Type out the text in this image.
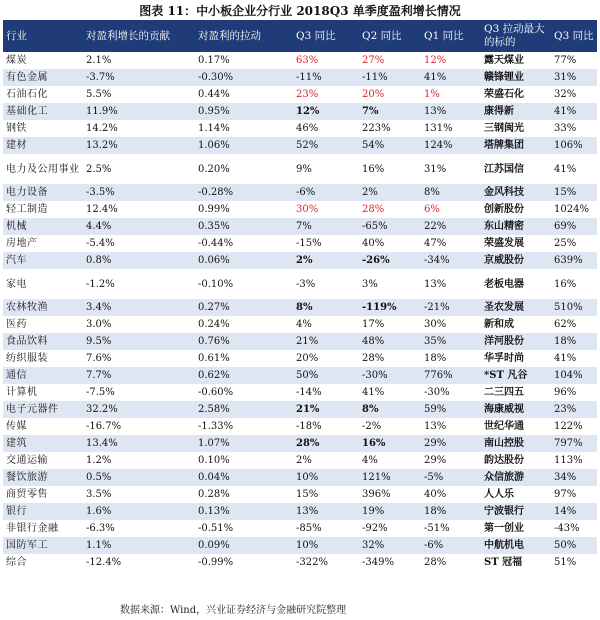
图表 11：中小板企业分行业 2018Q3 单季度盈利增长情况
行业	对盈利增长的贡献	对盈利的拉动	Q3 同比	Q2 同比	Q1 同比	Q3 拉动最大的标的	Q3 同比
煤炭	2.1%	0.17%	63%	27%	12%	露天煤业	77%
有色金属	-3.7%	-0.30%	-11%	-11%	41%	赣锋锂业	31%
石油石化	5.5%	0.44%	23%	20%	1%	荣盛石化	32%
基础化工	11.9%	0.95%	12%	7%	13%	康得新	41%
钢铁	14.2%	1.14%	46%	223%	131%	三钢闽光	33%
建材	13.2%	1.06%	52%	54%	124%	塔牌集团	106%
电力及公用事业	2.5%	0.20%	9%	16%	31%	江苏国信	41%
电力设备	-3.5%	-0.28%	-6%	2%	8%	金风科技	15%
轻工制造	12.4%	0.99%	30%	28%	6%	创新股份	1024%
机械	4.4%	0.35%	7%	-65%	22%	东山精密	69%
房地产	-5.4%	-0.44%	-15%	40%	47%	荣盛发展	25%
汽车	0.8%	0.06%	2%	-26%	-34%	京威股份	639%
家电	-1.2%	-0.10%	-3%	3%	13%	老板电器	16%
农林牧渔	3.4%	0.27%	8%	-119%	-21%	圣农发展	510%
医药	3.0%	0.24%	4%	17%	30%	新和成	62%
食品饮料	9.5%	0.76%	21%	48%	35%	洋河股份	18%
纺织服装	7.6%	0.61%	20%	28%	18%	华孚时尚	41%
通信	7.7%	0.62%	50%	-30%	776%	*ST 凡谷	104%
计算机	-7.5%	-0.60%	-14%	41%	-30%	二三四五	96%
电子元器件	32.2%	2.58%	21%	8%	59%	海康威视	23%
传媒	-16.7%	-1.33%	-18%	-2%	13%	世纪华通	122%
建筑	13.4%	1.07%	28%	16%	29%	南山控股	797%
交通运输	1.2%	0.10%	2%	4%	29%	韵达股份	113%
餐饮旅游	0.5%	0.04%	10%	121%	-5%	众信旅游	34%
商贸零售	3.5%	0.28%	15%	396%	40%	人人乐	97%
银行	1.6%	0.13%	13%	19%	18%	宁波银行	14%
非银行金融	-6.3%	-0.51%	-85%	-92%	-51%	第一创业	-43%
国防军工	1.1%	0.09%	10%	32%	-6%	中航机电	50%
综合	-12.4%	-0.99%	-322%	-349%	28%	ST 冠福	51%
数据来源：Wind，兴业证券经济与金融研究院整理
